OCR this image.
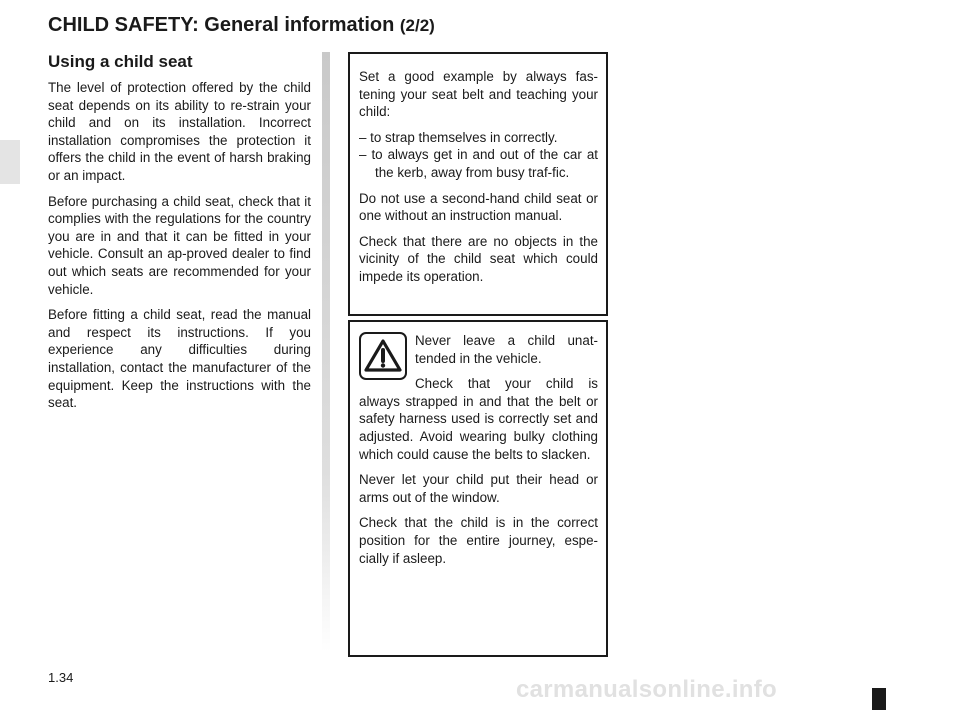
CHILD SAFETY: General information (2/2)
Using a child seat

The level of protection offered by the child seat depends on its ability to re-strain your child and on its installation. Incorrect installation compromises the protection it offers the child in the event of harsh braking or an impact.

Before purchasing a child seat, check that it complies with the regulations for the country you are in and that it can be fitted in your vehicle. Consult an ap-proved dealer to find out which seats are recommended for your vehicle.

Before fitting a child seat, read the manual and respect its instructions. If you experience any difficulties during installation, contact the manufacturer of the equipment. Keep the instructions with the seat.

Set a good example by always fas-tening your seat belt and teaching your child:

– to strap themselves in correctly.
– to always get in and out of the car at the kerb, away from busy traf-fic.

Do not use a second-hand child seat or one without an instruction manual.

Check that there are no objects in the vicinity of the child seat which could impede its operation.

Never leave a child unat-tended in the vehicle.

Check that your child is always strapped in and that the belt or safety harness used is correctly set and adjusted. Avoid wearing bulky clothing which could cause the belts to slacken.

Never let your child put their head or arms out of the window.

Check that the child is in the correct position for the entire journey, espe-cially if asleep.

1.34	carmanualsonline.info
